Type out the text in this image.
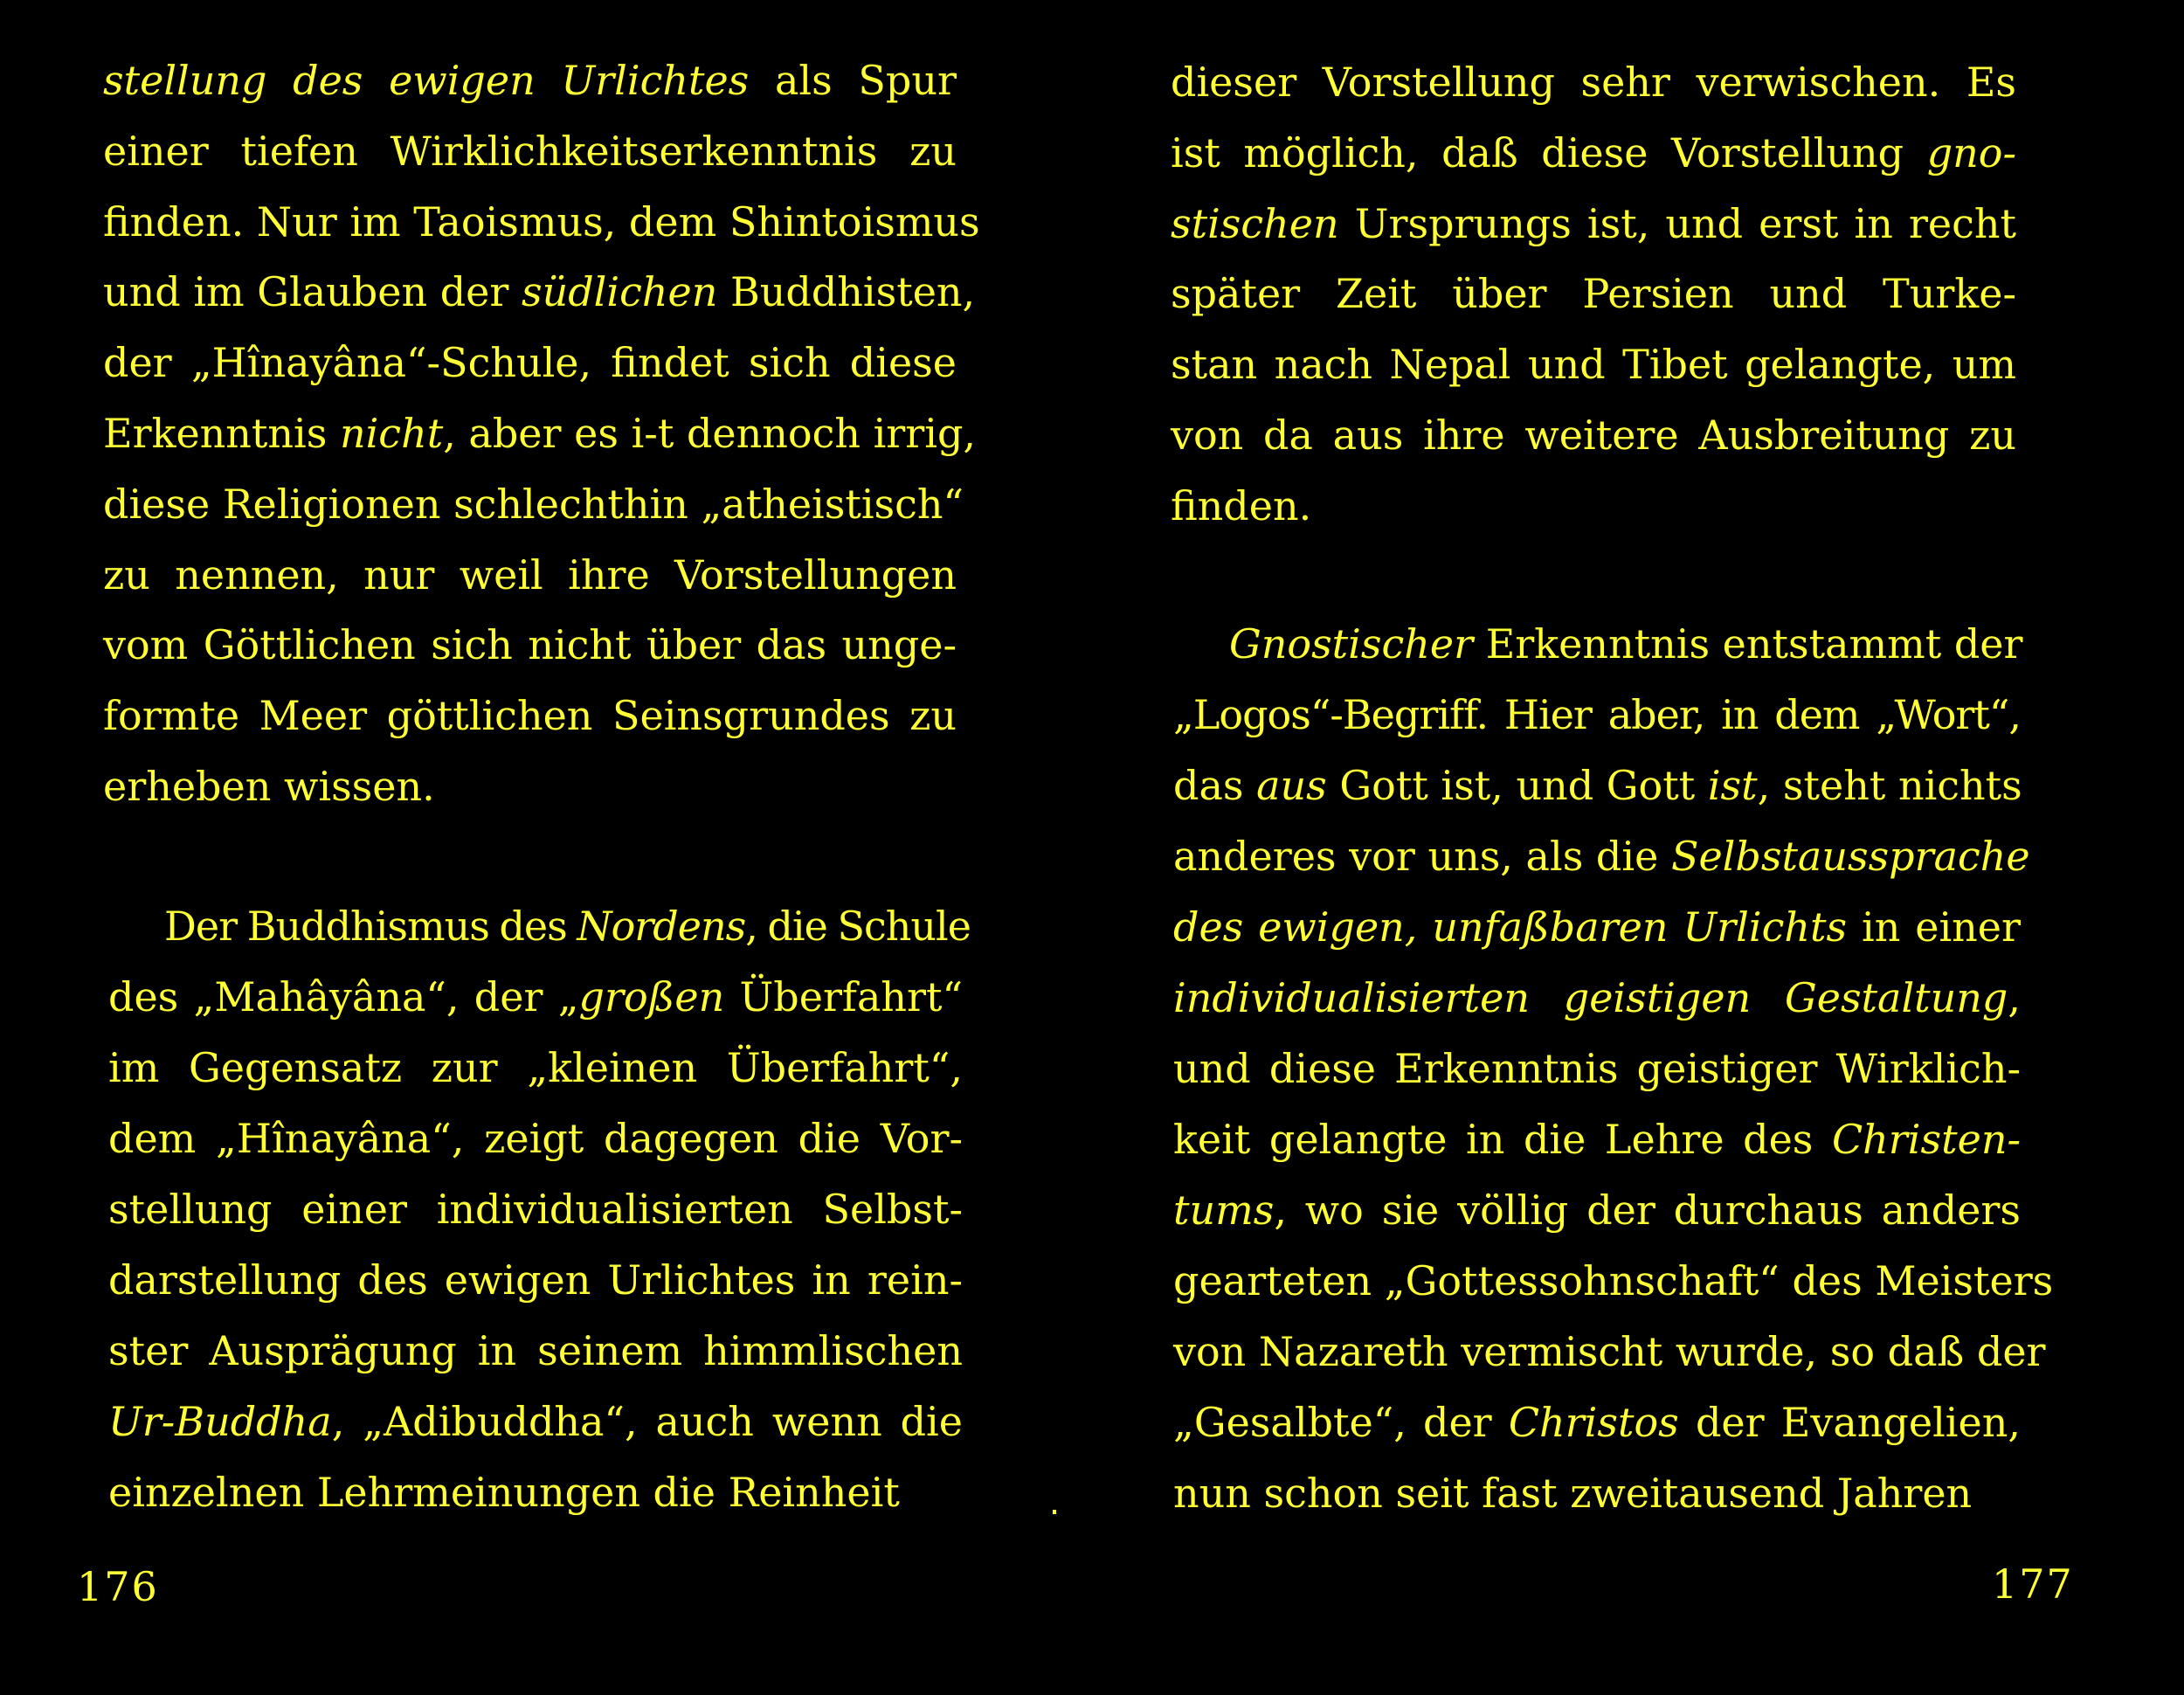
stellung des ewigen Urlichtes als Spur
einer tiefen Wirklichkeitserkenntnis zu
finden. Nur im Taoismus, dem Shintoismus
und im Glauben der südlichen Buddhisten,
der „Hînayâna“-Schule, findet sich diese
Erkenntnis nicht, aber es i-t dennoch irrig,
diese Religionen schlechthin „atheistisch“
zu nennen, nur weil ihre Vorstellungen
vom Göttlichen sich nicht über das unge-
formte Meer göttlichen Seinsgrundes zu
erheben wissen.
Der Buddhismus des Nordens, die Schule
des „Mahâyâna“, der „großen Überfahrt“
im Gegensatz zur „kleinen Überfahrt“,
dem „Hînayâna“, zeigt dagegen die Vor-
stellung einer individualisierten Selbst-
darstellung des ewigen Urlichtes in rein-
ster Ausprägung in seinem himmlischen
Ur-Buddha, „Adibuddha“, auch wenn die
einzelnen Lehrmeinungen die Reinheit
176
dieser Vorstellung sehr verwischen. Es
ist möglich, daß diese Vorstellung gno-
stischen Ursprungs ist, und erst in recht
später Zeit über Persien und Turke-
stan nach Nepal und Tibet gelangte, um
von da aus ihre weitere Ausbreitung zu
finden.
Gnostischer Erkenntnis entstammt der
„Logos“-Begriff. Hier aber, in dem „Wort“,
das aus Gott ist, und Gott ist, steht nichts
anderes vor uns, als die Selbstaussprache
des ewigen, unfaßbaren Urlichts in einer
individualisierten geistigen Gestaltung,
und diese Erkenntnis geistiger Wirklich-
keit gelangte in die Lehre des Christen-
tums, wo sie völlig der durchaus anders
gearteten „Gottessohnschaft“ des Meisters
von Nazareth vermischt wurde, so daß der
„Gesalbte“, der Christos der Evangelien,
nun schon seit fast zweitausend Jahren
177
